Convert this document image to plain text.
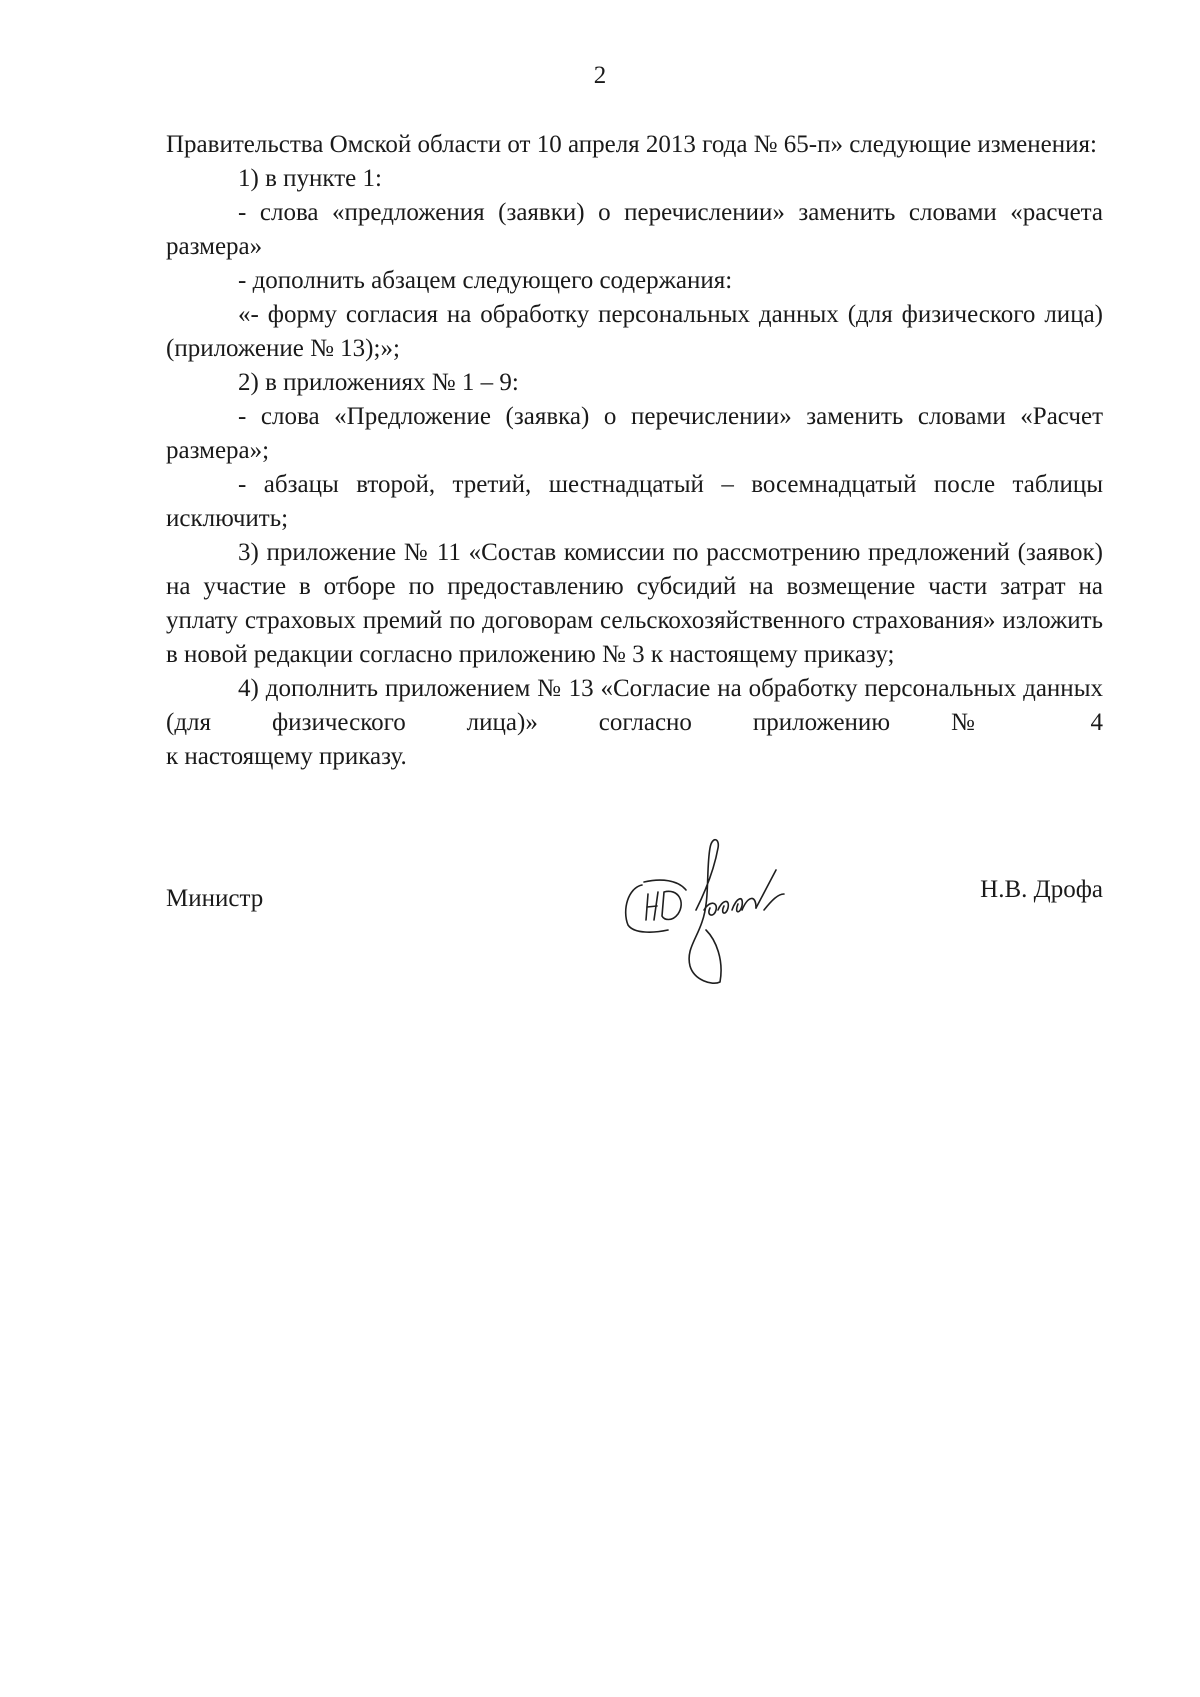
2

Правительства Омской области от 10 апреля 2013 года № 65-п» следующие изменения:

1) в пункте 1:

- слова «предложения (заявки) о перечислении» заменить словами «расчета размера»

- дополнить абзацем следующего содержания:

«- форму согласия на обработку персональных данных (для физического лица) (приложение № 13);»;

2) в приложениях № 1 – 9:

- слова «Предложение (заявка) о перечислении» заменить словами «Расчет размера»;

- абзацы второй, третий, шестнадцатый – восемнадцатый после таблицы исключить;

3) приложение № 11 «Состав комиссии по рассмотрению предложений (заявок) на участие в отборе по предоставлению субсидий на возмещение части затрат на уплату страховых премий по договорам сельскохозяйственного страхования» изложить в новой редакции согласно приложению № 3 к настоящему приказу;

4) дополнить приложением № 13 «Согласие на обработку персональных данных (для физического лица)» согласно приложению № 4

к настоящему приказу.

Министр	Н.В. Дрофа
